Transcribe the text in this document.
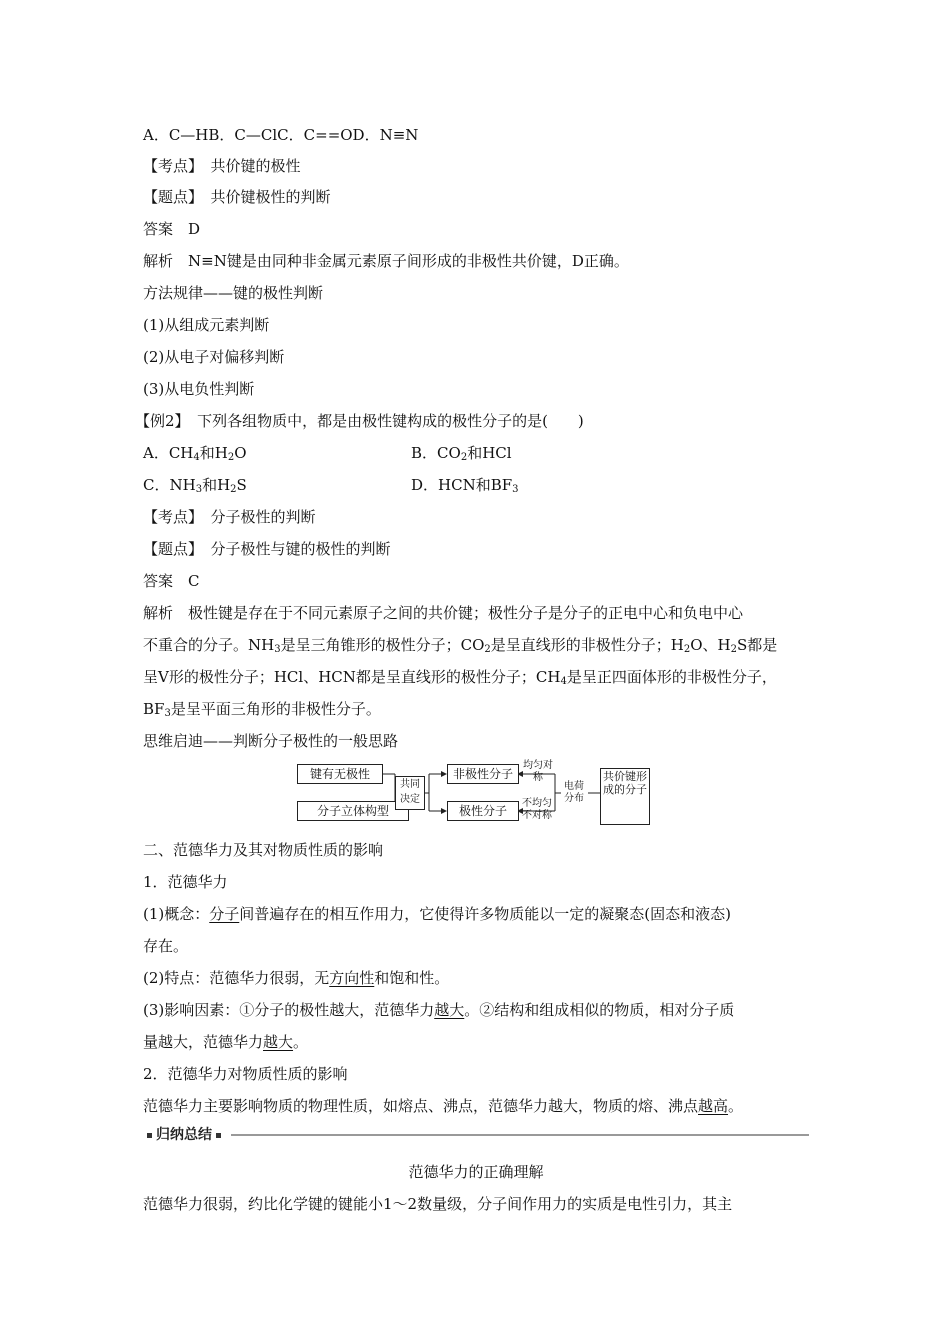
A．C—HB．C—ClC．C==OD．N≡N
【考点】　 共价键的极性
【题点】　 共价键极性的判断
答案　 D
解析　 N≡N键是由同种非金属元素原子间形成的非极性共价键，D正确。
方法规律——键的极性判断
(1)从组成元素判断
(2)从电子对偏移判断
(3)从电负性判断
【例2】　 下列各组物质中，都是由极性键构成的极性分子的是(　　)
A．$CH_4$和$H_2O$	B．$CO_2$和HCl
C．$NH_3$和$H_2S$	D．HCN和$BF_3$
【考点】　 分子极性的判断
【题点】　 分子极性与键的极性的判断
答案　 C
解析　 极性键是存在于不同元素原子之间的共价键；极性分子是分子的正电中心和负电中心
不重合的分子。$NH_3$是呈三角锥形的极性分子；$CO_2$是呈直线形的非极性分子；$H_2O$、$H_2S$都是
呈V形的极性分子；HCl、HCN都是呈直线形的极性分子；$CH_4$是呈正四面体形的非极性分子，
$BF_3$是呈平面三角形的非极性分子。
思维启迪——判断分子极性的一般思路
键有无极性
分子立体构型
共同决定
非极性分子
极性分子
均匀对称
不均匀不对称
电荷分布
共价键形成的分子
二、范德华力及其对物质性质的影响
1．范德华力
(1)概念：分子间普遍存在的相互作用力，它使得许多物质能以一定的凝聚态(固态和液态)
存在。
(2)特点：范德华力很弱，无方向性和饱和性。
(3)影响因素：①分子的极性越大，范德华力越大。②结构和组成相似的物质，相对分子质
量越大，范德华力越大。
2．范德华力对物质性质的影响
范德华力主要影响物质的物理性质，如熔点、沸点，范德华力越大，物质的熔、沸点越高。
归纳总结
范德华力的正确理解
范德华力很弱，约比化学键的键能小1～2数量级，分子间作用力的实质是电性引力，其主
